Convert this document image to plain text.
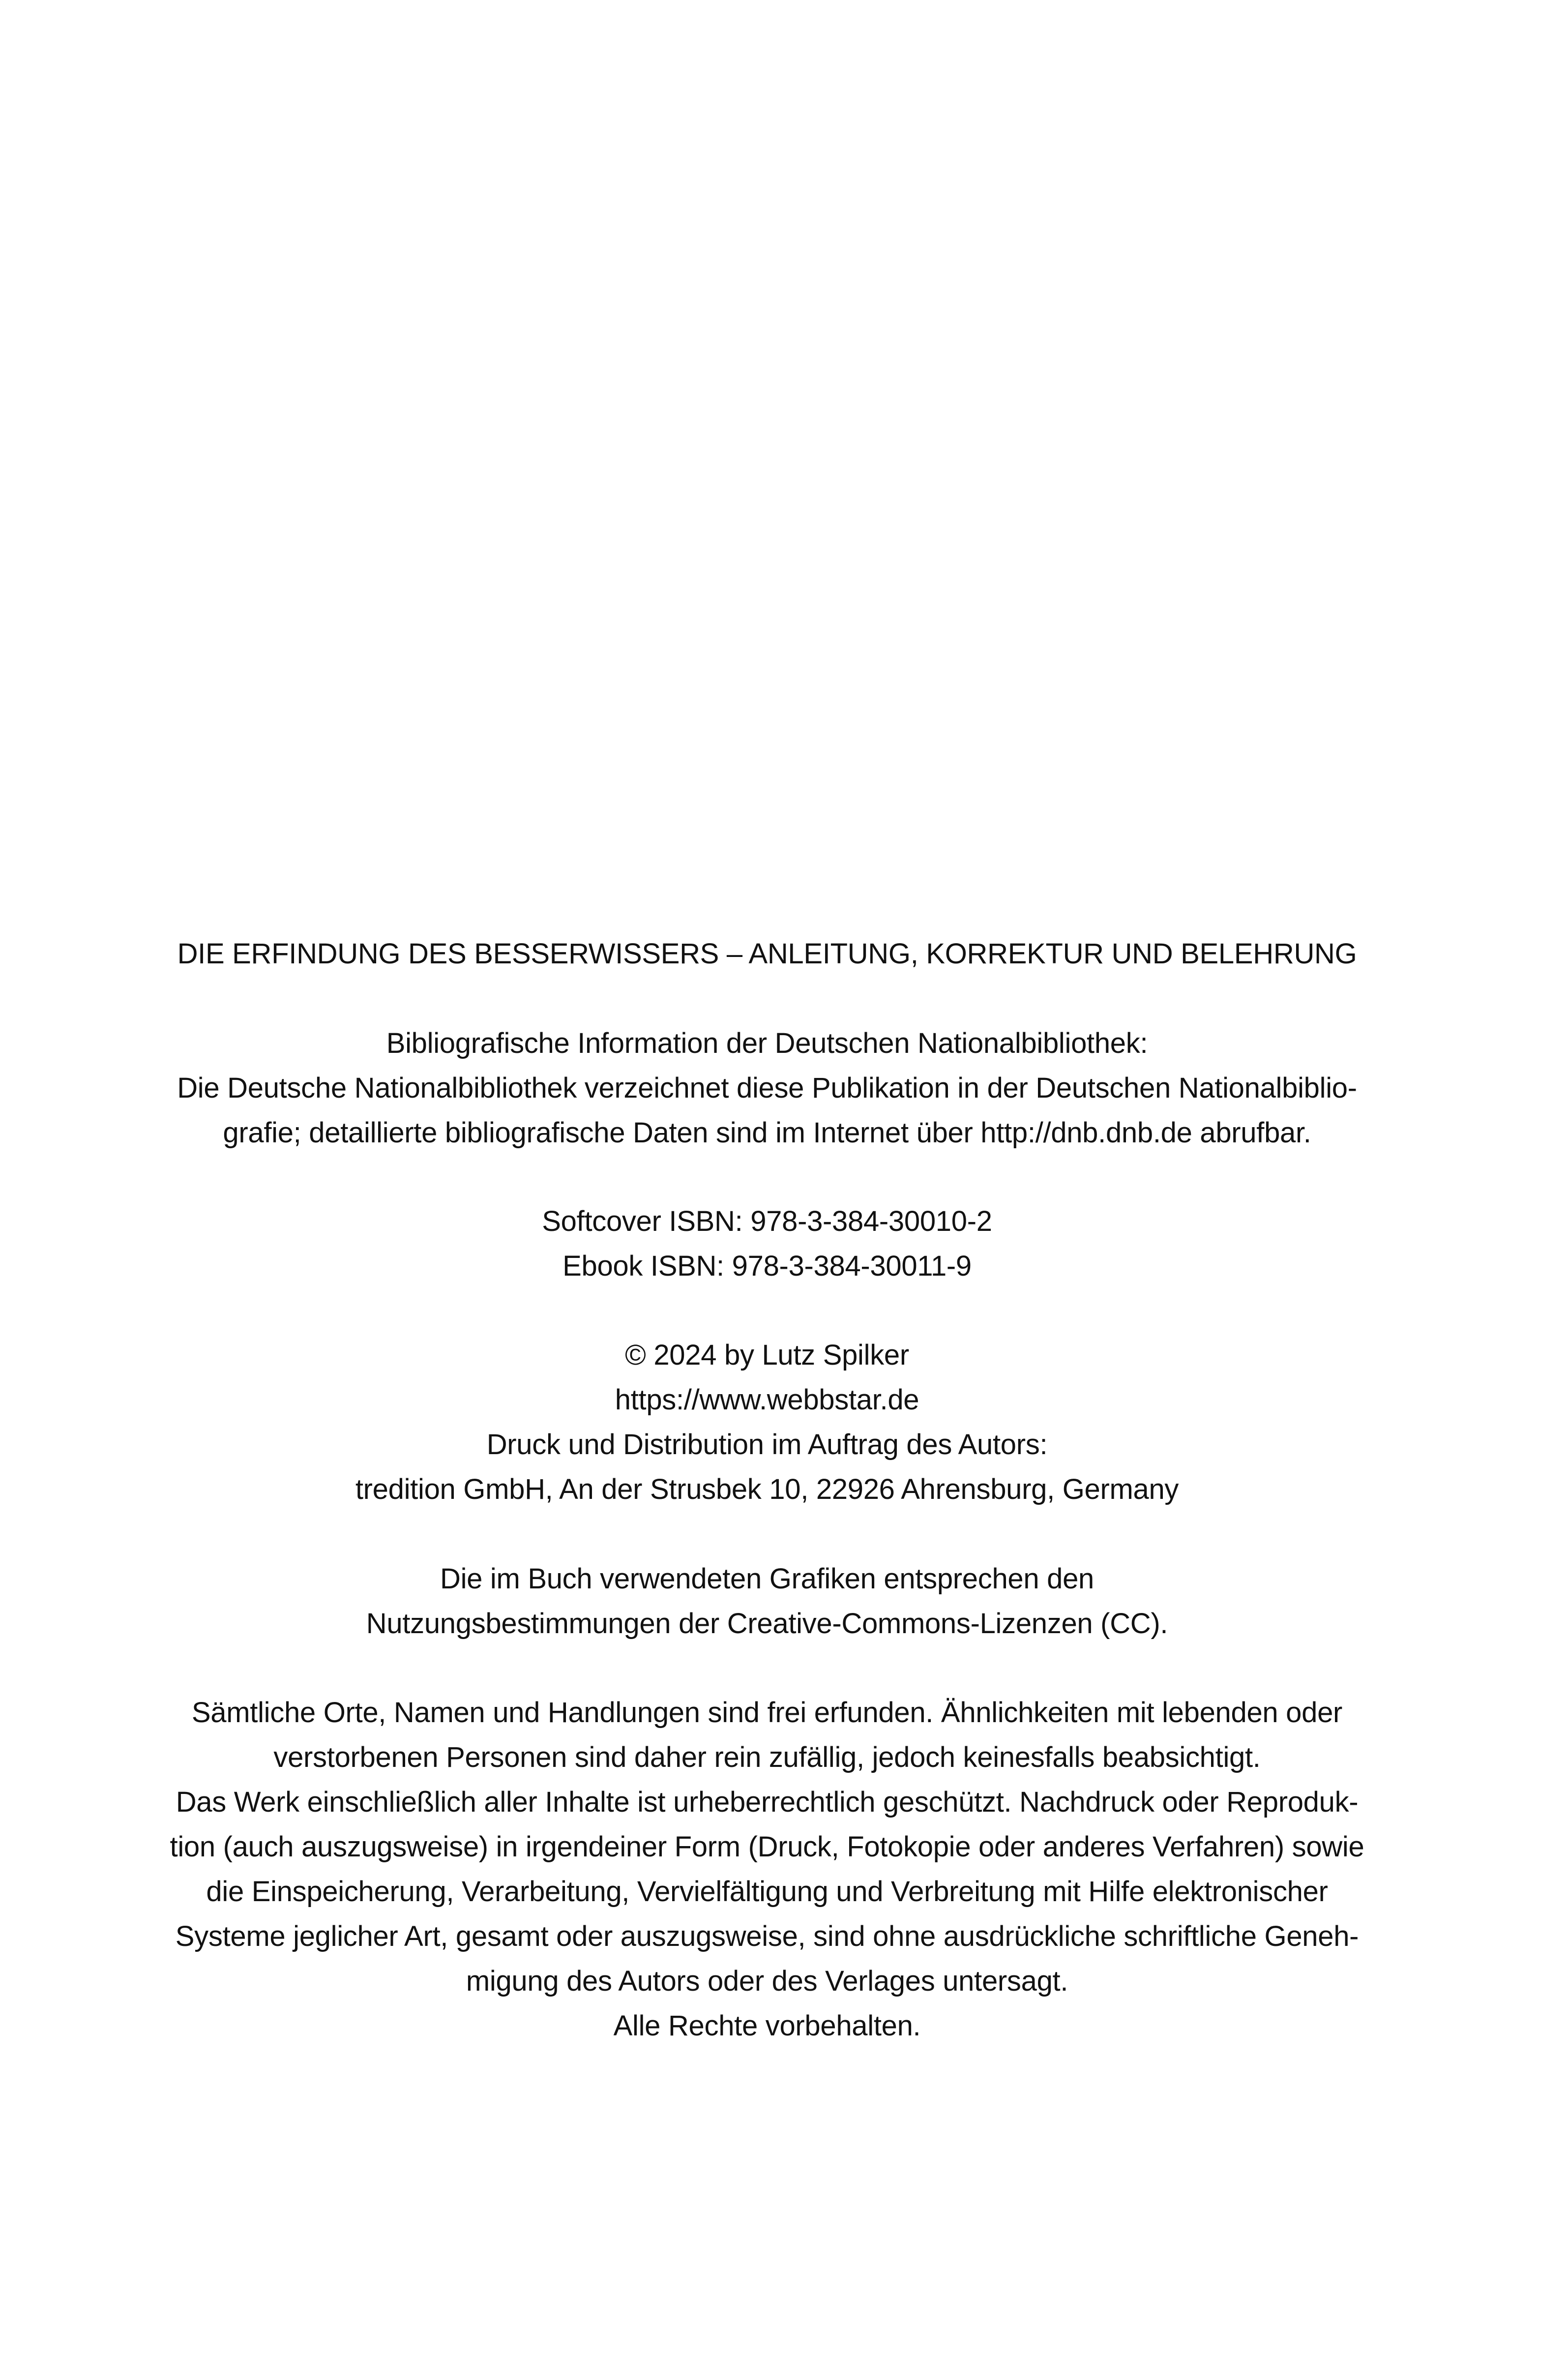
DIE ERFINDUNG DES BESSERWISSERS – ANLEITUNG, KORREKTUR UND BELEHRUNG
Bibliografische Information der Deutschen Nationalbibliothek:
Die Deutsche Nationalbibliothek verzeichnet diese Publikation in der Deutschen Nationalbiblio-
grafie; detaillierte bibliografische Daten sind im Internet über http://dnb.dnb.de abrufbar.
Softcover ISBN: 978-3-384-30010-2
Ebook ISBN: 978-3-384-30011-9
© 2024 by Lutz Spilker
https://www.webbstar.de
Druck und Distribution im Auftrag des Autors:
tredition GmbH, An der Strusbek 10, 22926 Ahrensburg, Germany
Die im Buch verwendeten Grafiken entsprechen den
Nutzungsbestimmungen der Creative-Commons-Lizenzen (CC).
Sämtliche Orte, Namen und Handlungen sind frei erfunden. Ähnlichkeiten mit lebenden oder
verstorbenen Personen sind daher rein zufällig, jedoch keinesfalls beabsichtigt.
Das Werk einschließlich aller Inhalte ist urheberrechtlich geschützt. Nachdruck oder Reproduk-
tion (auch auszugsweise) in irgendeiner Form (Druck, Fotokopie oder anderes Verfahren) sowie
die Einspeicherung, Verarbeitung, Vervielfältigung und Verbreitung mit Hilfe elektronischer
Systeme jeglicher Art, gesamt oder auszugsweise, sind ohne ausdrückliche schriftliche Geneh-
migung des Autors oder des Verlages untersagt.
Alle Rechte vorbehalten.
